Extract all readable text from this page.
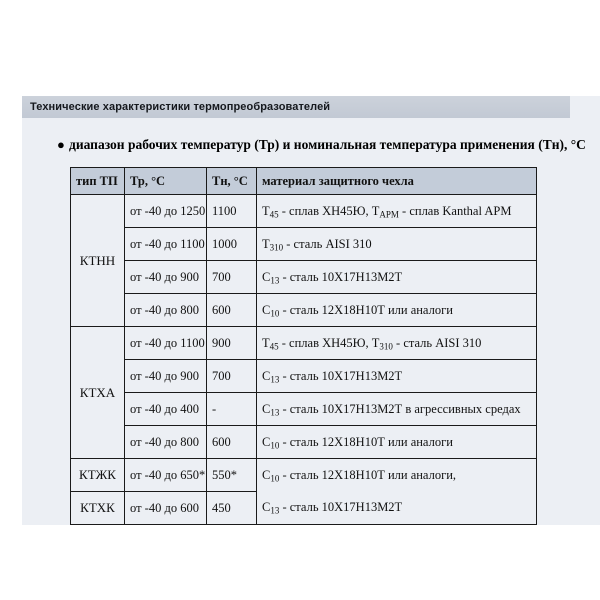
Технические характеристики термопреобразователей
● диапазон рабочих температур (Тр) и номинальная температура применения (Тн), °С
тип ТП	Тр, °С	Тн, °С	материал защитного чехла
КТНН	от -40 до 1250	1100	$Т_{45}$ - сплав ХН45Ю, $Т_{АРМ}$ - сплав Kanthal APM
	от -40 до 1100	1000	$Т_{310}$ - сталь AISI 310
	от -40 до 900	700	$С_{13}$ - сталь 10Х17Н13М2Т
	от -40 до 800	600	$С_{10}$ - сталь 12Х18Н10Т или аналоги
КТХА	от -40 до 1100	900	$Т_{45}$ - сплав ХН45Ю, $Т_{310}$ - сталь AISI 310
	от -40 до 900	700	$С_{13}$ - сталь 10Х17Н13М2Т
	от -40 до 400	-	$С_{13}$ - сталь 10Х17Н13М2Т в агрессивных средах
	от -40 до 800	600	$С_{10}$ - сталь 12Х18Н10Т или аналоги
КТЖК	от -40 до 650*	550*	$С_{10}$ - сталь 12Х18Н10Т или аналоги,
КТХК	от -40 до 600	450	$С_{13}$ - сталь 10Х17Н13М2Т
